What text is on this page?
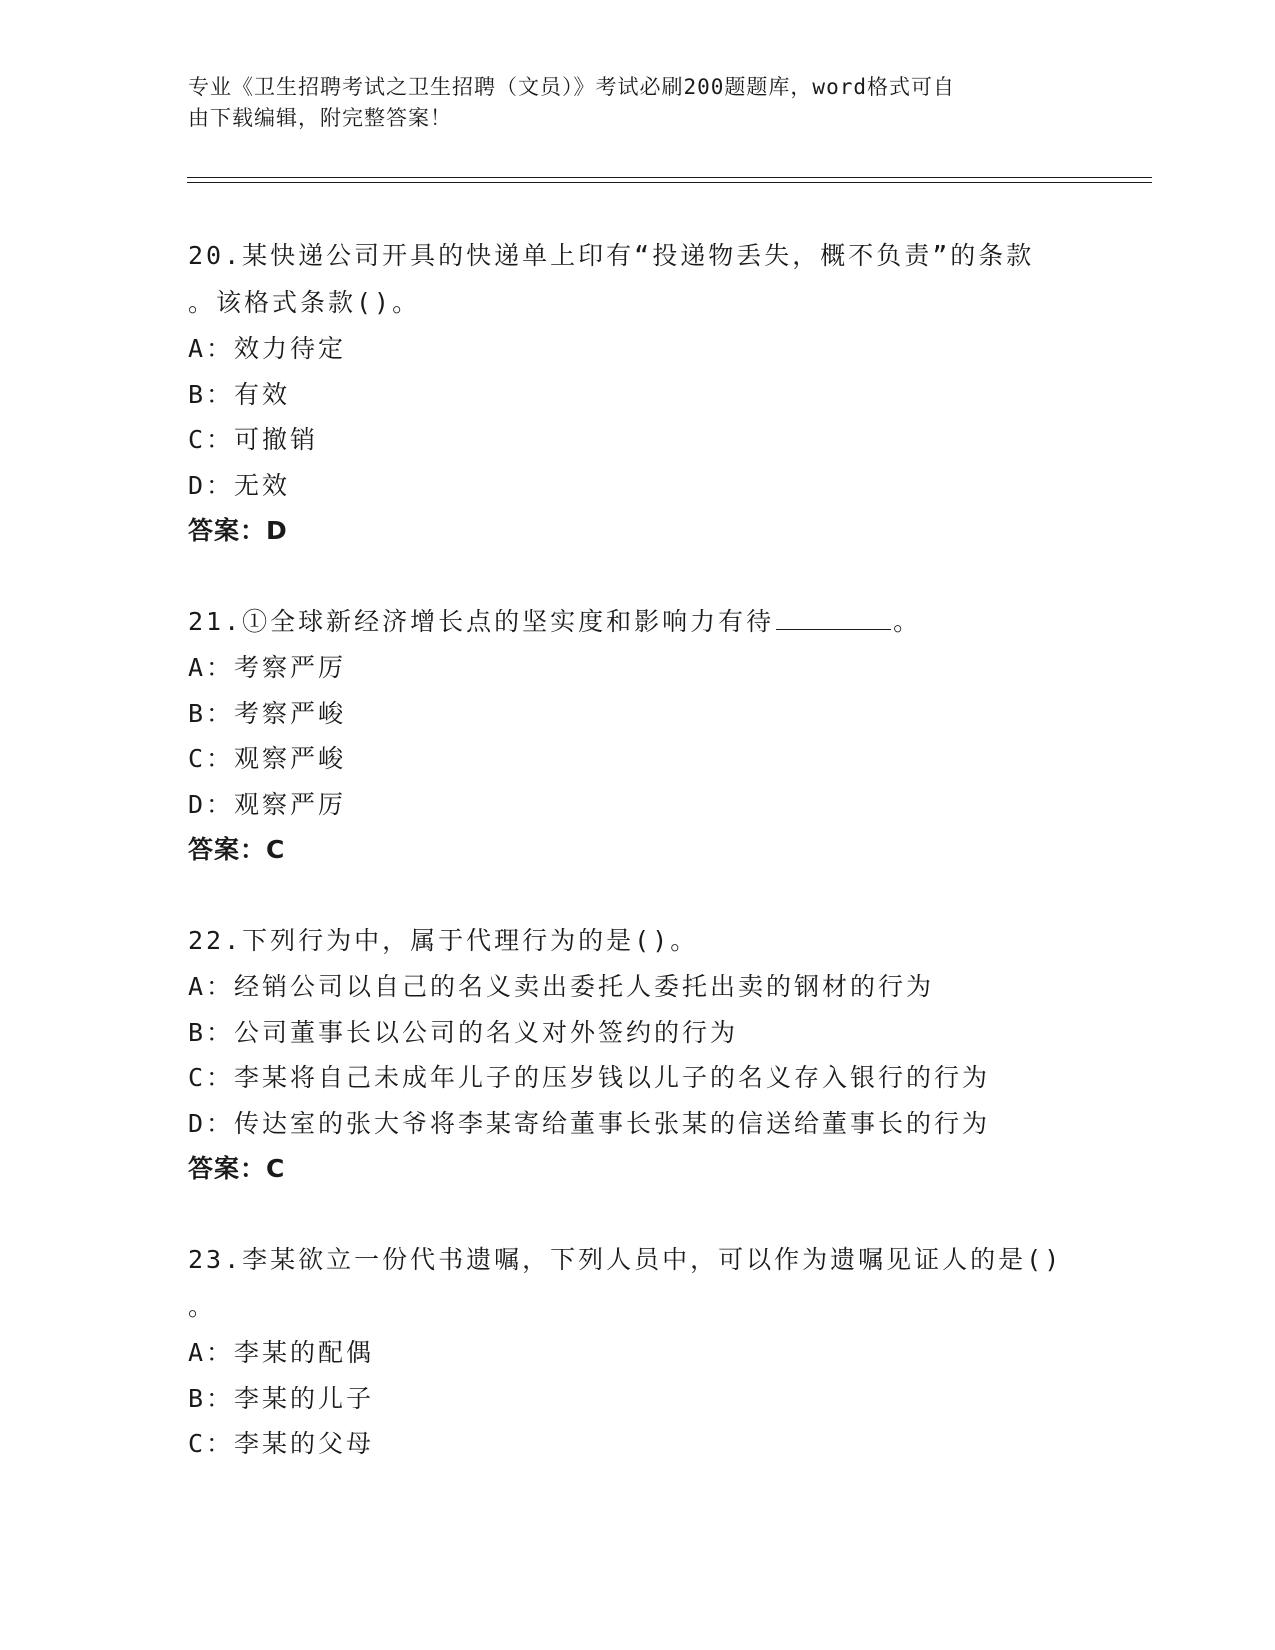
专业《卫生招聘考试之卫生招聘（文员）》考试必刷200题题库，word格式可自
由下载编辑，附完整答案！
20.某快递公司开具的快递单上印有“投递物丢失，概不负责”的条款
。该格式条款()。
A：效力待定
B：有效
C：可撤销
D：无效
答案：D
21.①全球新经济增长点的坚实度和影响力有待	。
A：考察严厉
B：考察严峻
C：观察严峻
D：观察严厉
答案：C
22.下列行为中，属于代理行为的是()。
A：经销公司以自己的名义卖出委托人委托出卖的钢材的行为
B：公司董事长以公司的名义对外签约的行为
C：李某将自己未成年儿子的压岁钱以儿子的名义存入银行的行为
D：传达室的张大爷将李某寄给董事长张某的信送给董事长的行为
答案：C
23.李某欲立一份代书遗嘱，下列人员中，可以作为遗嘱见证人的是()
。
A：李某的配偶
B：李某的儿子
C：李某的父母
